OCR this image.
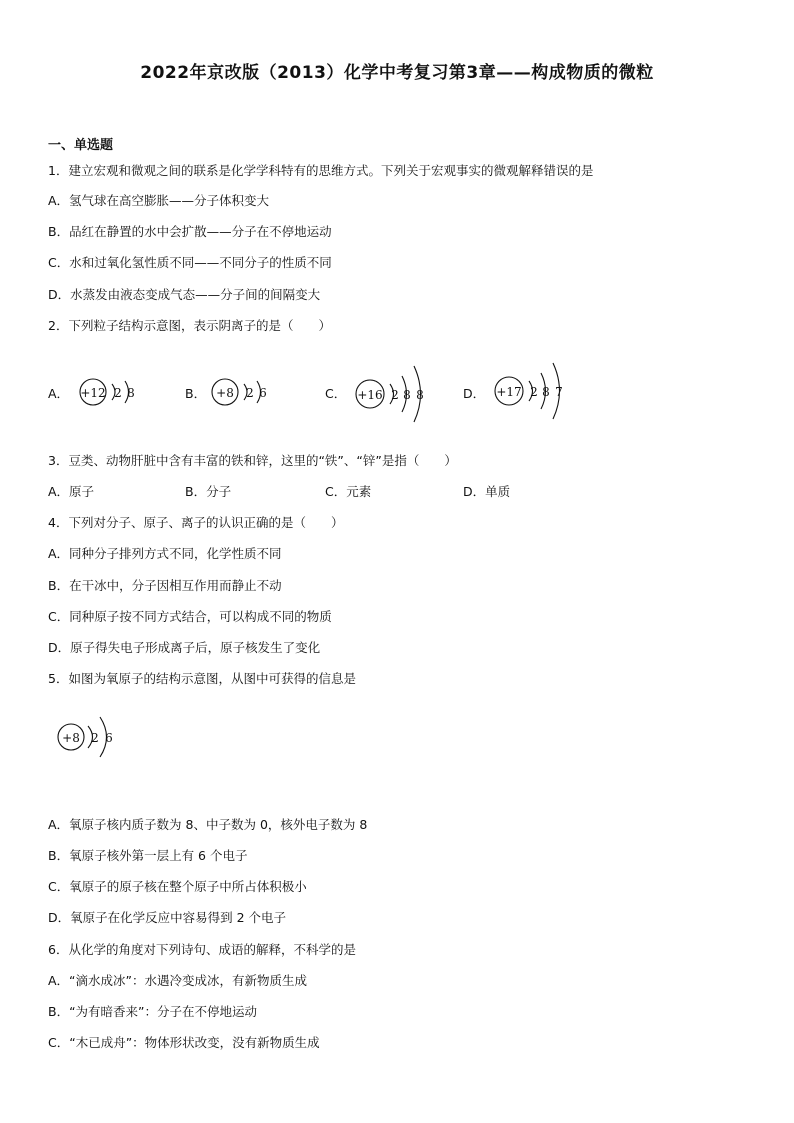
2022年京改版（2013）化学中考复习第3章——构成物质的微粒
一、单选题
1．建立宏观和微观之间的联系是化学学科特有的思维方式。下列关于宏观事实的微观解释错误的是
A．氢气球在高空膨胀——分子体积变大
B．品红在静置的水中会扩散——分子在不停地运动
C．水和过氧化氢性质不同——不同分子的性质不同
D．水蒸发由液态变成气态——分子间的间隔变大
2．下列粒子结构示意图，表示阴离子的是（　　）
A． +12 2 8	B． +8 2 6	C． +16 2 8 8	D． +17 2 8 7
3．豆类、动物肝脏中含有丰富的铁和锌，这里的“铁”、“锌”是指（　　）
A．原子	B．分子	C．元素	D．单质
4．下列对分子、原子、离子的认识正确的是（　　）
A．同种分子排列方式不同，化学性质不同
B．在干冰中，分子因相互作用而静止不动
C．同种原子按不同方式结合，可以构成不同的物质
D．原子得失电子形成离子后，原子核发生了变化
5．如图为氧原子的结构示意图，从图中可获得的信息是
+8 2 6
A．氧原子核内质子数为 8、中子数为 0，核外电子数为 8
B．氧原子核外第一层上有 6 个电子
C．氧原子的原子核在整个原子中所占体积极小
D．氧原子在化学反应中容易得到 2 个电子
6．从化学的角度对下列诗句、成语的解释，不科学的是
A．“滴水成冰”：水遇冷变成冰，有新物质生成
B．“为有暗香来”：分子在不停地运动
C．“木已成舟”：物体形状改变，没有新物质生成
